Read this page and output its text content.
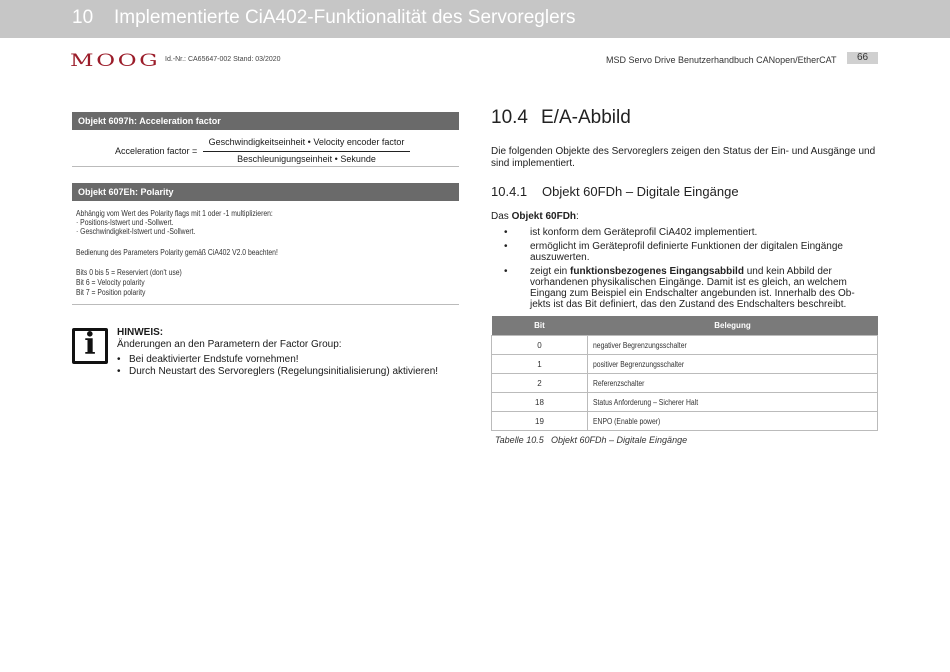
10 Implementierte CiA402-Funktionalität des Servoreglers
MOOG Id.-Nr.: CA65647-002 Stand: 03/2020	MSD Servo Drive Benutzerhandbuch CANopen/EtherCAT	66
Objekt 6097h: Acceleration factor
Acceleration factor =
Geschwindigkeitseinheit • Velocity encoder factor
Beschleunigungseinheit • Sekunde
Objekt 607Eh: Polarity
Abhängig vom Wert des Polarity flags mit 1 oder -1 multiplizieren:
· Positions-Istwert und -Sollwert.
· Geschwindigkeit-Istwert und -Sollwert.
Bedienung des Parameters Polarity gemäß CiA402 V2.0 beachten!
Bits 0 bis 5 = Reserviert (don't use)
Bit 6 = Velocity polarity
Bit 7 = Position polarity
i	HINWEIS:
Änderungen an den Parametern der Factor Group:
• Bei deaktivierter Endstufe vornehmen!
• Durch Neustart des Servoreglers (Regelungsinitialisierung) aktivieren!
10.4 E/A-Abbild
Die folgenden Objekte des Servoreglers zeigen den Status der Ein- und Ausgänge und
sind implementiert.
10.4.1 Objekt 60FDh – Digitale Eingänge
Das Objekt 60FDh:
• ist konform dem Geräteprofil CiA402 implementiert.
• ermöglicht im Geräteprofil definierte Funktionen der digitalen Eingänge
auszuwerten.
• zeigt ein funktionsbezogenes Eingangsabbild und kein Abbild der
vorhandenen physikalischen Eingänge. Damit ist es gleich, an welchem
Eingang zum Beispiel ein Endschalter angebunden ist. Innerhalb des Ob-
jekts ist das Bit definiert, das den Zustand des Endschalters beschreibt.
Bit	Belegung
0	negativer Begrenzungsschalter
1	positiver Begrenzungsschalter
2	Referenzschalter
18	Status Anforderung – Sicherer Halt
19	ENPO (Enable power)
Tabelle 10.5 Objekt 60FDh – Digitale Eingänge
